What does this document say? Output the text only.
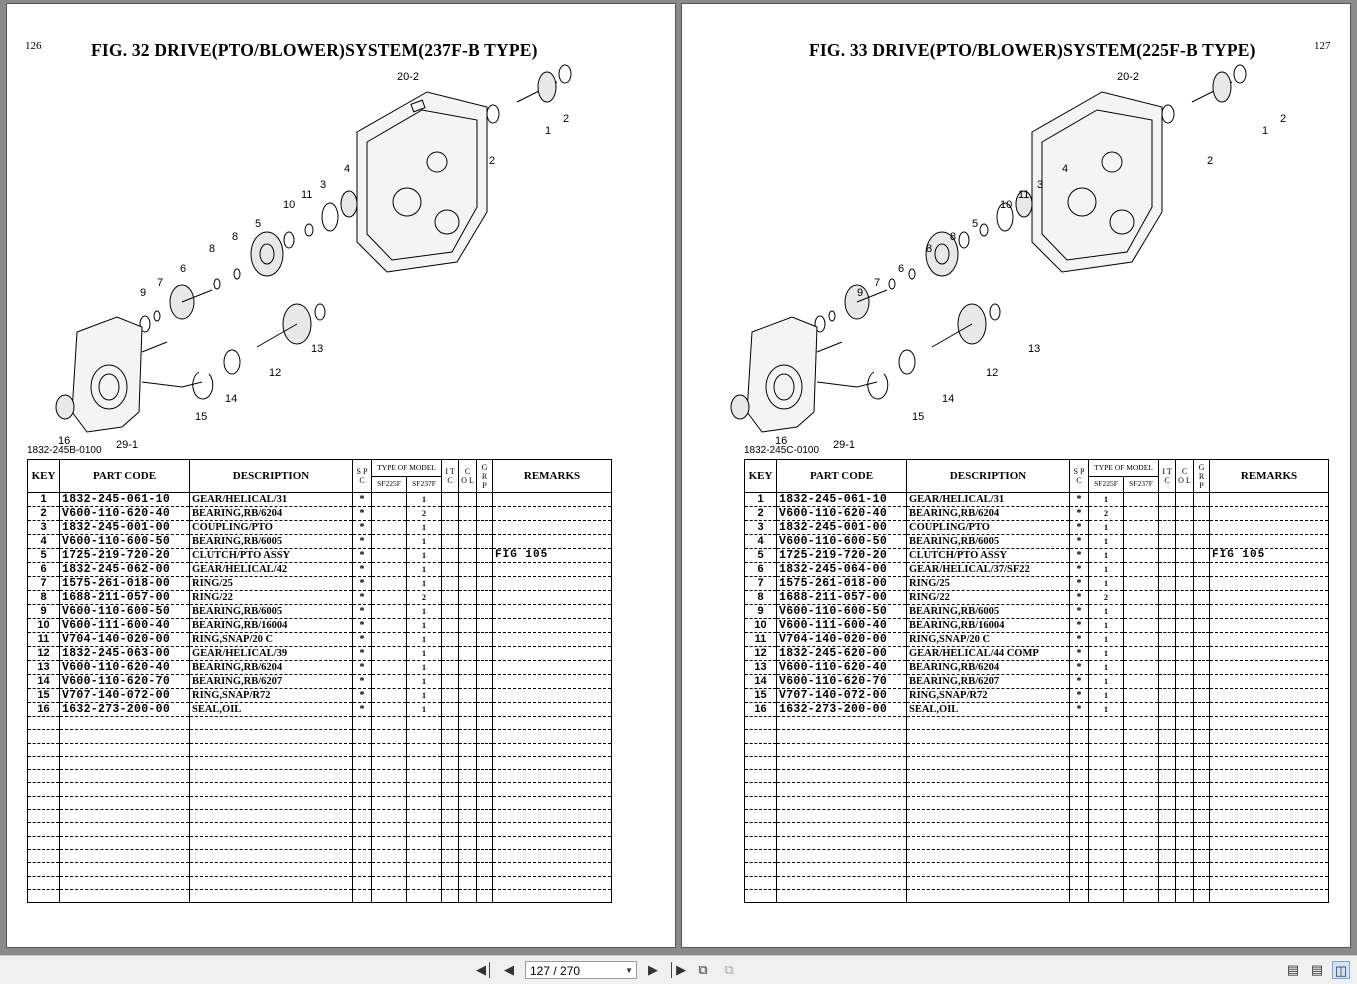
126	FIG. 32 DRIVE(PTO/BLOWER)SYSTEM(237F-B TYPE)
20-2
1
2
2
3
4
5
6
7
8
8
9
10
11
12
13
14
15
16	29-1
1832-245B-0100
KEY	PART CODE	DESCRIPTION	S P C	TYPE OF MODEL		I T C	C O L	G R P	REMARKS
				SF225F	SF237F				
1	1832-245-061-10	GEAR/HELICAL/31	*		1				
2	V600-110-620-40	BEARING,RB/6204	*		2				
3	1832-245-001-00	COUPLING/PTO	*		1				
4	V600-110-600-50	BEARING,RB/6005	*		1				
5	1725-219-720-20	CLUTCH/PTO ASSY	*		1				FIG 105
6	1832-245-062-00	GEAR/HELICAL/42	*		1				
7	1575-261-018-00	RING/25	*		1				
8	1688-211-057-00	RING/22	*		2				
9	V600-110-600-50	BEARING,RB/6005	*		1				
10	V600-111-600-40	BEARING,RB/16004	*		1				
11	V704-140-020-00	RING,SNAP/20 C	*		1				
12	1832-245-063-00	GEAR/HELICAL/39	*		1				
13	V600-110-620-40	BEARING,RB/6204	*		1				
14	V600-110-620-70	BEARING,RB/6207	*		1				
15	V707-140-072-00	RING,SNAP/R72	*		1				
16	1632-273-200-00	SEAL,OIL	*		1				

127
FIG. 33 DRIVE(PTO/BLOWER)SYSTEM(225F-B TYPE)
20-2
1
2
2
3
4
5
6
7
8
8
9
10
11
12
13
14
15
16	29-1
1832-245C-0100
KEY	PART CODE	DESCRIPTION	S P C	TYPE OF MODEL		I T C	C O L	G R P	REMARKS
				SF225F	SF237F				
1	1832-245-061-10	GEAR/HELICAL/31	*	1					
2	V600-110-620-40	BEARING,RB/6204	*	2					
3	1832-245-001-00	COUPLING/PTO	*	1					
4	V600-110-600-50	BEARING,RB/6005	*	1					
5	1725-219-720-20	CLUTCH/PTO ASSY	*	1					FIG 105
6	1832-245-064-00	GEAR/HELICAL/37/SF22	*	1					
7	1575-261-018-00	RING/25	*	1					
8	1688-211-057-00	RING/22	*	2					
9	V600-110-600-50	BEARING,RB/6005	*	1					
10	V600-111-600-40	BEARING,RB/16004	*	1					
11	V704-140-020-00	RING,SNAP/20 C	*	1					
12	1832-245-620-00	GEAR/HELICAL/44 COMP	*	1					
13	V600-110-620-40	BEARING,RB/6204	*	1					
14	V600-110-620-70	BEARING,RB/6207	*	1					
15	V707-140-072-00	RING,SNAP/R72	*	1					
16	1632-273-200-00	SEAL,OIL	*	1					

◀│ ◀	127 / 270	▼	▶ │▶ ⧉	⧉	▤ ▤ ◫
